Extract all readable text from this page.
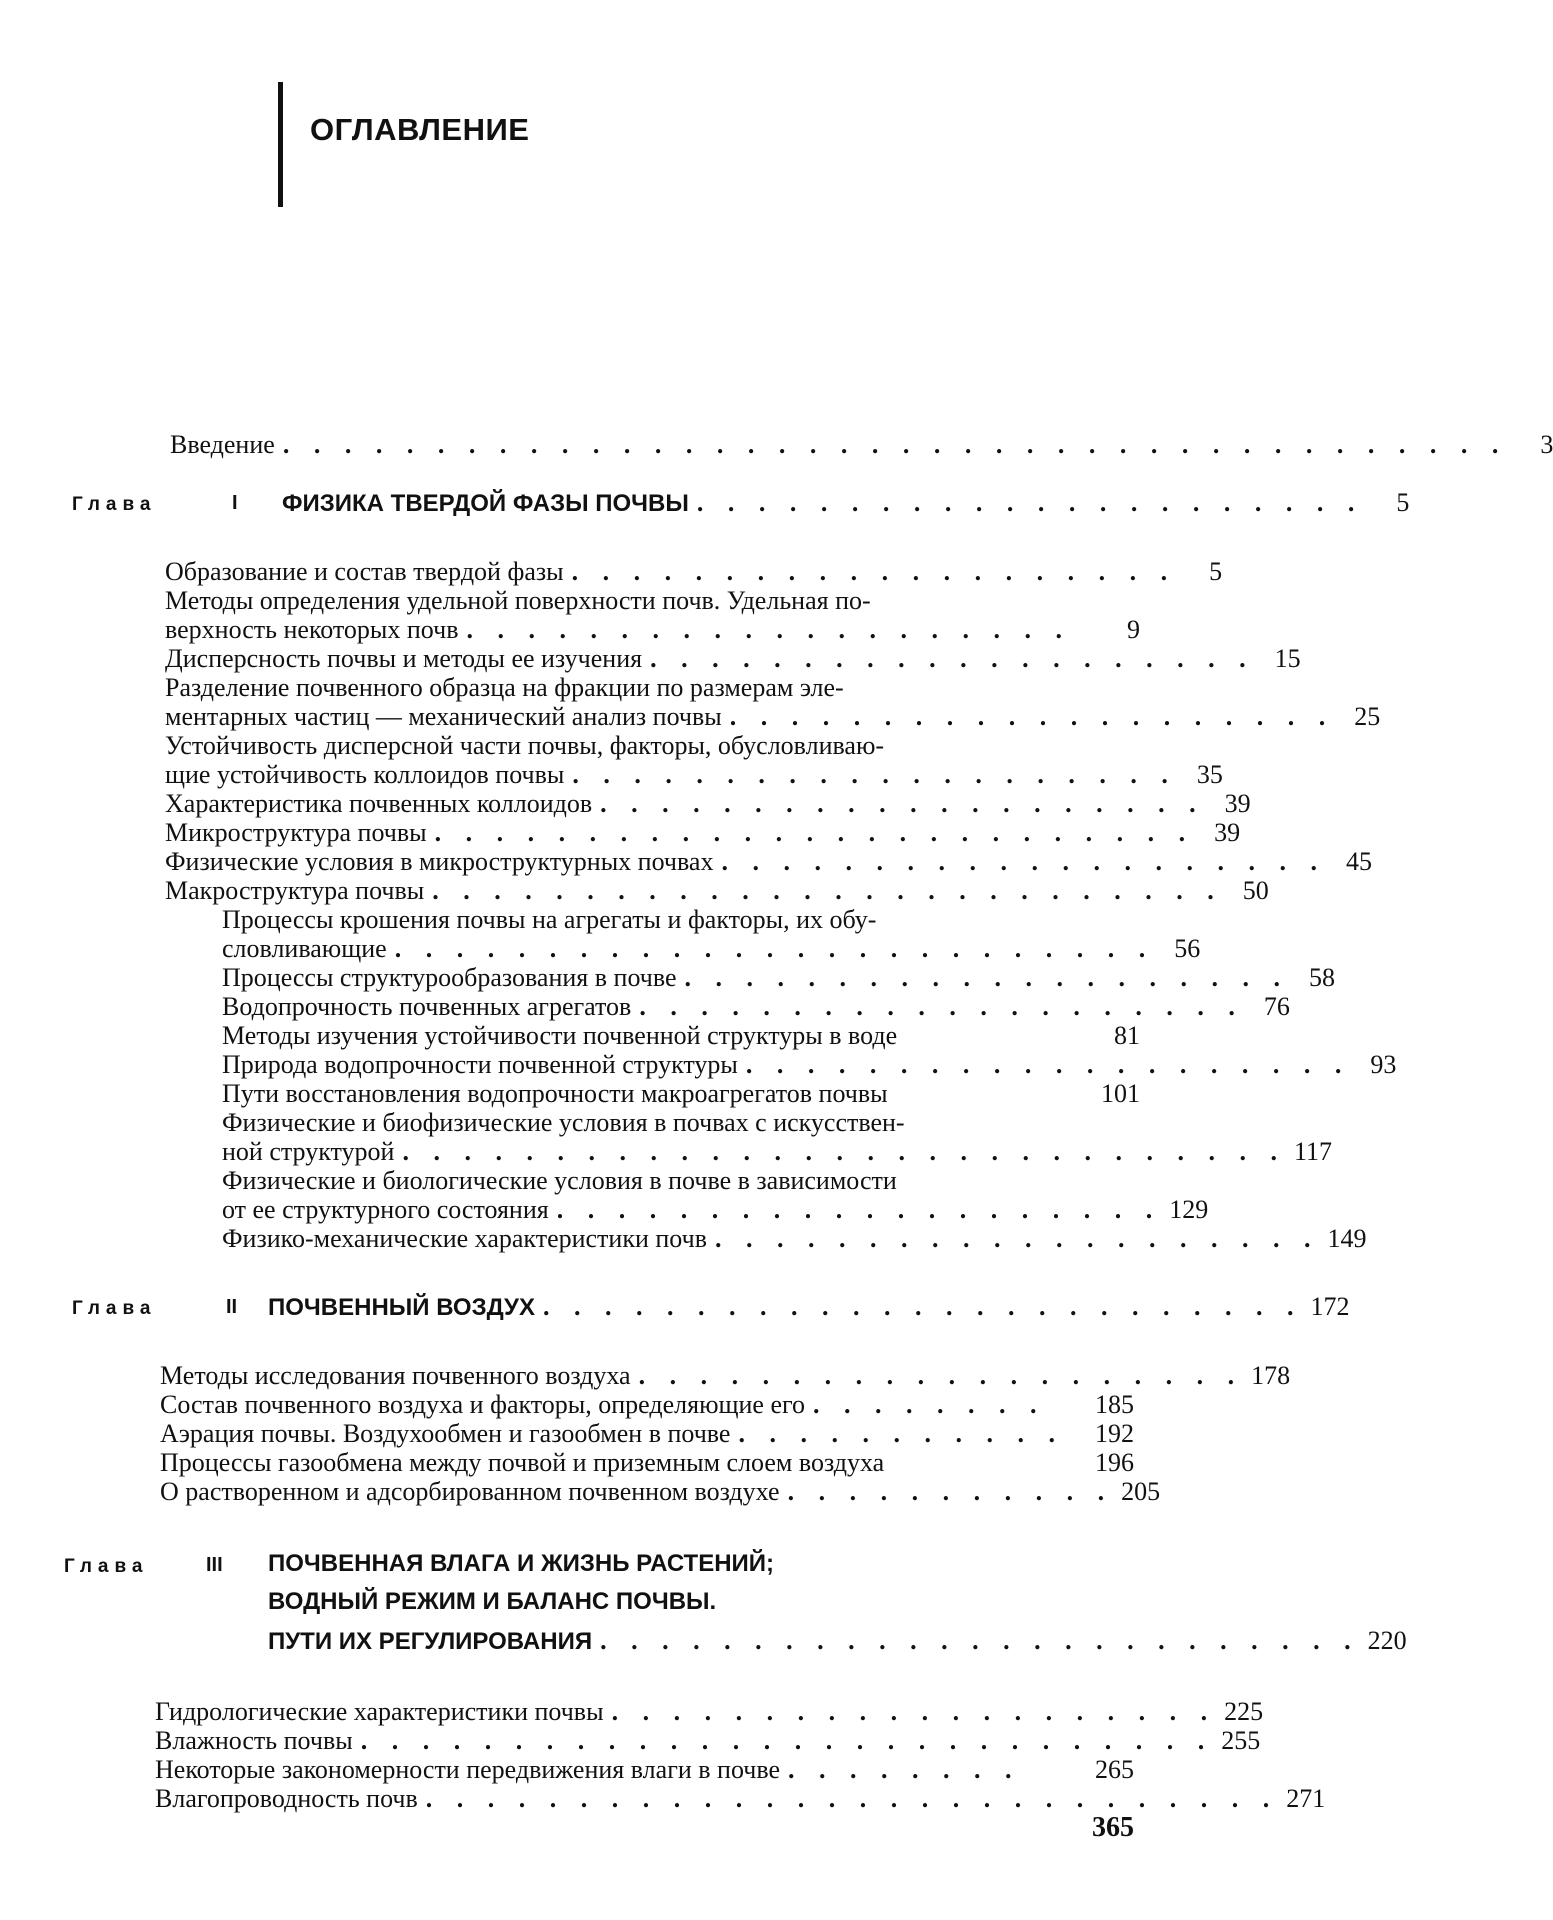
ОГЛАВЛЕНИЕ
Введение . . . . . . . . . . . . . . . . . . . . . . . . . . . . . . . . . . . . . . . .	3
Глава	I ФИЗИКА ТВЕРДОЙ ФАЗЫ ПОЧВЫ . . . . . . . . . . . . . . . . . . . . . .	5
Образование и состав твердой фазы . . . . . . . . . . . . . . . . . . . .	5
Методы определения удельной поверхности почв. Удельная по-
верхность некоторых почв . . . . . . . . . . . . . . . . . . . .	9
Дисперсность почвы и методы ее изучения . . . . . . . . . . . . . . . . . . . . 15
Разделение почвенного образца на фракции по размерам эле-
ментарных частиц — механический анализ почвы . . . . . . . . . . . . . . . . . . . . 25
Устойчивость дисперсной части почвы, факторы, обусловливаю-
щие устойчивость коллоидов почвы . . . . . . . . . . . . . . . . . . . . 35
Характеристика почвенных коллоидов . . . . . . . . . . . . . . . . . . . . 39
Микроструктура почвы . . . . . . . . . . . . . . . . . . . . . . . . . 39
Физические условия в микроструктурных почвах . . . . . . . . . . . . . . . . . . . . 45
Макроструктура почвы . . . . . . . . . . . . . . . . . . . . . . . . . . 50
Процессы крошения почвы на агрегаты и факторы, их обу-
словливающие . . . . . . . . . . . . . . . . . . . . . . . . . 56
Процессы структурообразования в почве . . . . . . . . . . . . . . . . . . . . 58
Водопрочность почвенных агрегатов . . . . . . . . . . . . . . . . . . . . 76
Методы изучения устойчивости почвенной структуры в воде	81
Природа водопрочности почвенной структуры . . . . . . . . . . . . . . . . . . . . 93
Пути восстановления водопрочности макроагрегатов почвы	101
Физические и биофизические условия в почвах с искусствен-
ной структурой . . . . . . . . . . . . . . . . . . . . . . . . . . . . . 117
Физические и биологические условия в почве в зависимости
от ее структурного состояния . . . . . . . . . . . . . . . . . . . . 129
Физико-механические характеристики почв . . . . . . . . . . . . . . . . . . . . 149
Глава	II ПОЧВЕННЫЙ ВОЗДУХ . . . . . . . . . . . . . . . . . . . . . . . . . 172
Методы исследования почвенного воздуха . . . . . . . . . . . . . . . . . . . . 178
Состав почвенного воздуха и факторы, определяющие его . . . . . . . .	185
Аэрация почвы. Воздухообмен и газообмен в почве . . . . . . . . . . .	192
Процессы газообмена между почвой и приземным слоем воздуха	196
О растворенном и адсорбированном почвенном воздухе . . . . . . . . . . . 205
Глава	III ПОЧВЕННАЯ ВЛАГА И ЖИЗНЬ РАСТЕНИЙ;
ВОДНЫЙ РЕЖИМ И БАЛАНС ПОЧВЫ.
ПУТИ ИХ РЕГУЛИРОВАНИЯ . . . . . . . . . . . . . . . . . . . . . . . . . 220
Гидрологические характеристики почвы . . . . . . . . . . . . . . . . . . . . 225
Влажность почвы . . . . . . . . . . . . . . . . . . . . . . . . . . . . 255
Некоторые закономерности передвижения влаги в почве . . . . . . . .	265
Влагопроводность почв . . . . . . . . . . . . . . . . . . . . . . . . . . . . 271
365
